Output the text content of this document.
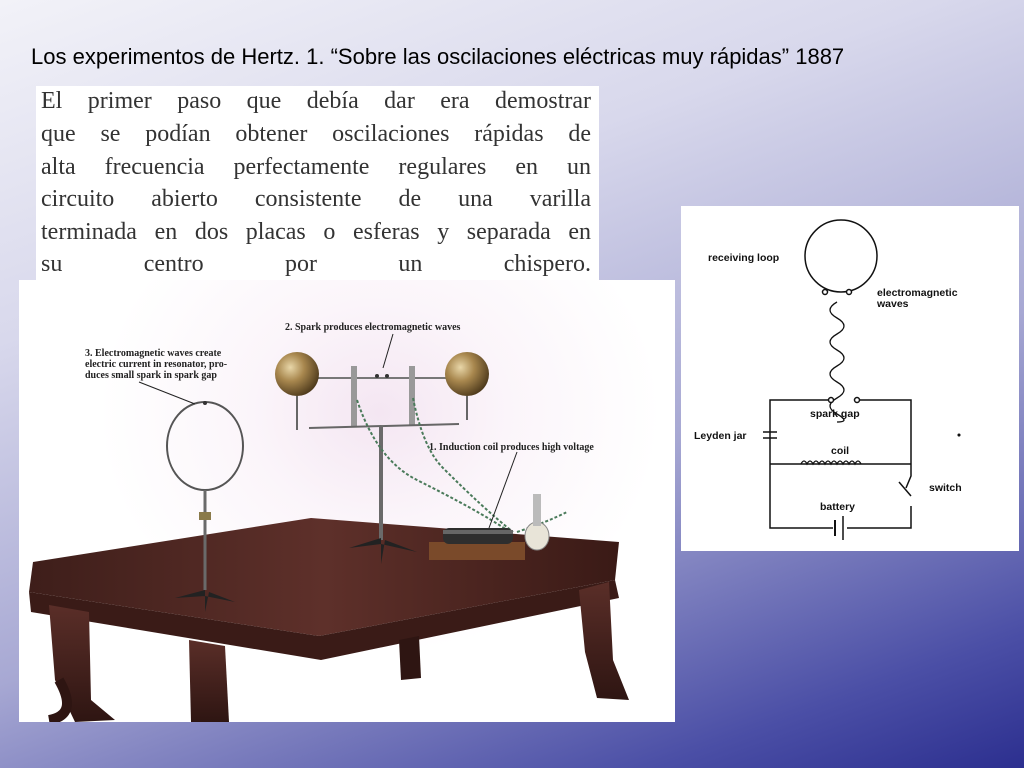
Los experimentos de Hertz. 1. “Sobre las oscilaciones eléctricas muy rápidas” 1887
El primer paso que debía dar era demostrar
que se podían obtener oscilaciones rápidas de
alta frecuencia perfectamente regulares en un
circuito abierto consistente de una varilla
terminada en dos placas o esferas y separada en
su centro por un chispero.
2. Spark produces electromagnetic waves
3. Electromagnetic waves create
electric current in resonator, pro-
duces small spark in spark gap
1. Induction coil produces high voltage
receiving loop
electromagnetic
waves
spark gap
Leyden jar
coil
switch
battery
